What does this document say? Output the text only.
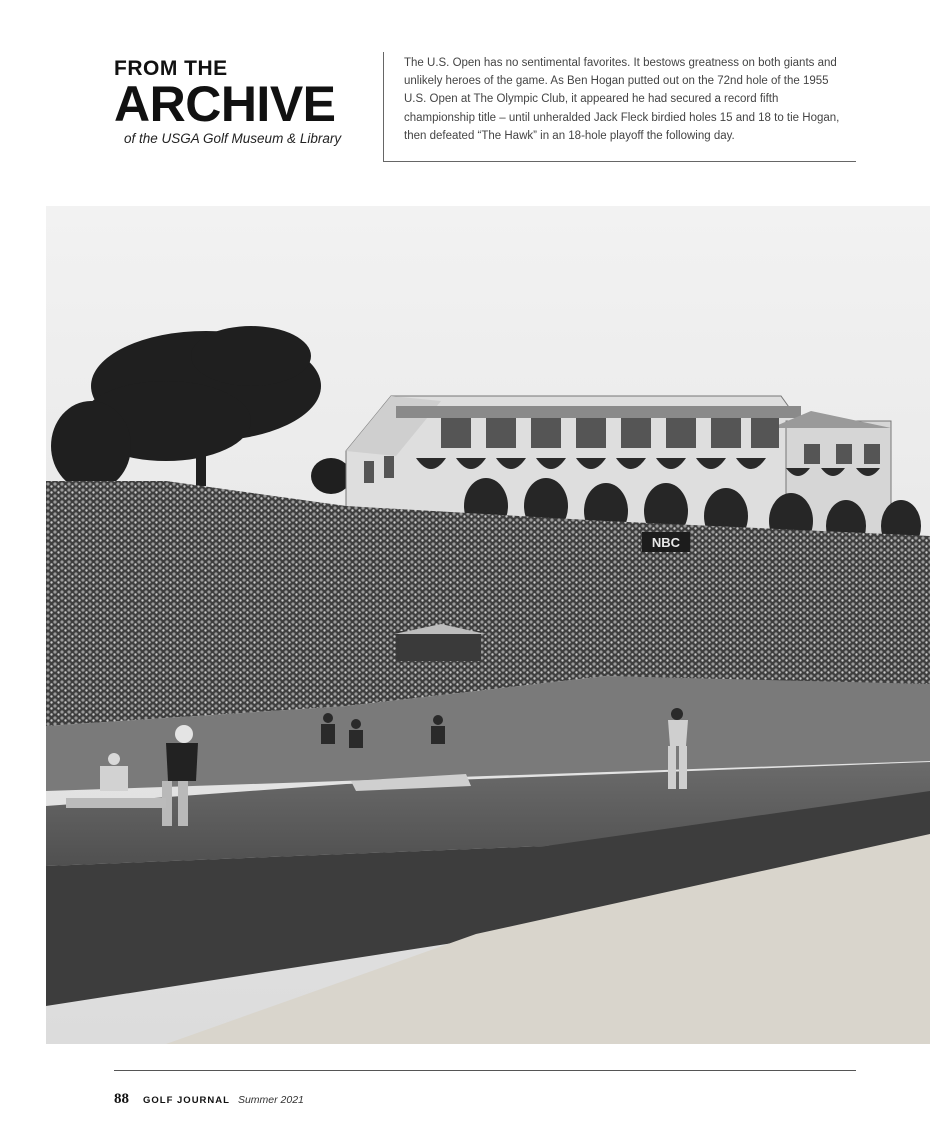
FROM THE
ARCHIVE
of the USGA Golf Museum & Library

The U.S. Open has no sentimental favorites. It bestows greatness on both giants and unlikely heroes of the game. As Ben Hogan putted out on the 72nd hole of the 1955 U.S. Open at The Olympic Club, it appeared he had secured a record fifth championship title – until unheralded Jack Fleck birdied holes 15 and 18 to tie Hogan, then defeated “The Hawk” in an 18-hole playoff the following day.

NBC
88 GOLF JOURNAL Summer 2021
